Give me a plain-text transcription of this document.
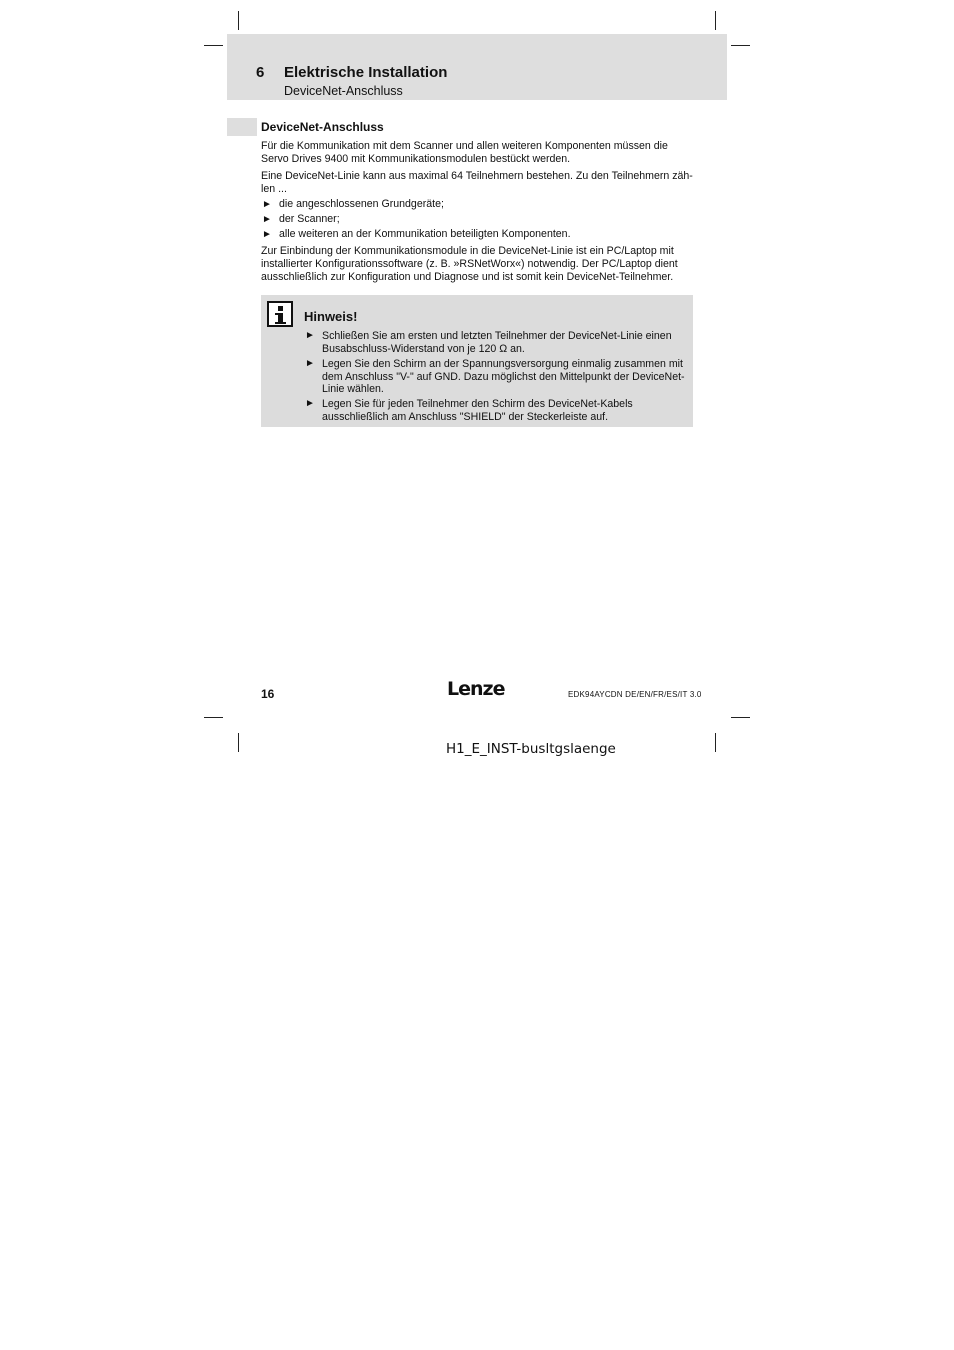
6 Elektrische Installation
DeviceNet-Anschluss
DeviceNet-Anschluss

Für die Kommunikation mit dem Scanner und allen weiteren Komponenten müssen die Servo Drives 9400 mit Kommunikationsmodulen bestückt werden.

Eine DeviceNet-Linie kann aus maximal 64 Teilnehmern bestehen. Zu den Teilnehmern zäh-
len ...
► die angeschlossenen Grundgeräte;
► der Scanner;
► alle weiteren an der Kommunikation beteiligten Komponenten.

Zur Einbindung der Kommunikationsmodule in die DeviceNet-Linie ist ein PC/Laptop mit installierter Konfigurationssoftware (z. B. »RSNetWorx«) notwendig. Der PC/Laptop dient ausschließlich zur Konfiguration und Diagnose und ist somit kein DeviceNet-Teilnehmer.

Hinweis!
► Schließen Sie am ersten und letzten Teilnehmer der DeviceNet-Linie einen Busabschluss-Widerstand von je 120 Ω an.
► Legen Sie den Schirm an der Spannungsversorgung einmalig zusammen mit dem Anschluss "V-" auf GND. Dazu möglichst den Mittelpunkt der DeviceNet-Linie wählen.
► Legen Sie für jeden Teilnehmer den Schirm des DeviceNet-Kabels ausschließlich am Anschluss "SHIELD" der Steckerleiste auf.
16	Lenze	EDK94AYCDN DE/EN/FR/ES/IT 3.0
H1_E_INST-busltgslaenge
